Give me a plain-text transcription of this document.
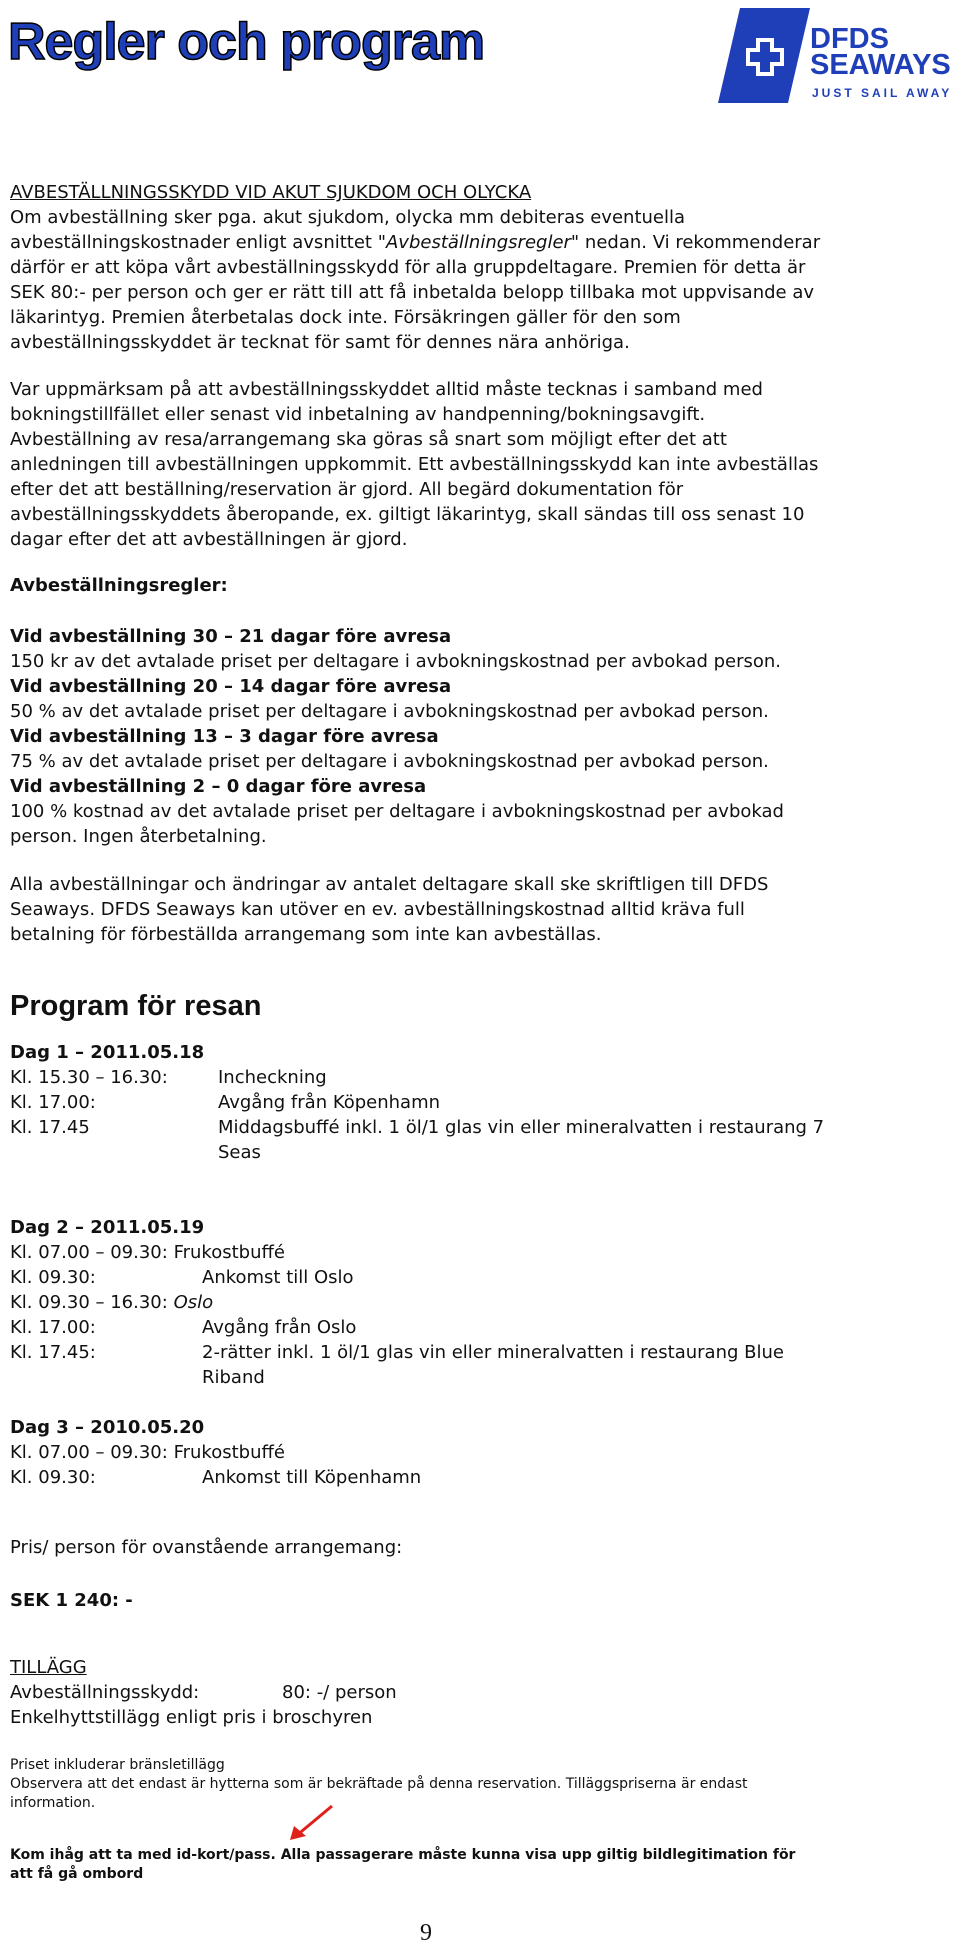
Regler och program	DFDS
SEAWAYS
JUST SAIL AWAY
AVBESTÄLLNINGSSKYDD VID AKUT SJUKDOM OCH OLYCKA
Om avbeställning sker pga. akut sjukdom, olycka mm debiteras eventuella
avbeställningskostnader enligt avsnittet "Avbeställningsregler" nedan. Vi rekommenderar
därför er att köpa vårt avbeställningsskydd för alla gruppdeltagare. Premien för detta är
SEK 80:- per person och ger er rätt till att få inbetalda belopp tillbaka mot uppvisande av
läkarintyg. Premien återbetalas dock inte. Försäkringen gäller för den som
avbeställningsskyddet är tecknat för samt för dennes nära anhöriga.
Var uppmärksam på att avbeställningsskyddet alltid måste tecknas i samband med
bokningstillfället eller senast vid inbetalning av handpenning/bokningsavgift.
Avbeställning av resa/arrangemang ska göras så snart som möjligt efter det att
anledningen till avbeställningen uppkommit. Ett avbeställningsskydd kan inte avbeställas
efter det att beställning/reservation är gjord. All begärd dokumentation för
avbeställningsskyddets åberopande, ex. giltigt läkarintyg, skall sändas till oss senast 10
dagar efter det att avbeställningen är gjord.
Avbeställningsregler:
Vid avbeställning 30 – 21 dagar före avresa
150 kr av det avtalade priset per deltagare i avbokningskostnad per avbokad person.
Vid avbeställning 20 – 14 dagar före avresa
50 % av det avtalade priset per deltagare i avbokningskostnad per avbokad person.
Vid avbeställning 13 – 3 dagar före avresa
75 % av det avtalade priset per deltagare i avbokningskostnad per avbokad person.
Vid avbeställning 2 – 0 dagar före avresa
100 % kostnad av det avtalade priset per deltagare i avbokningskostnad per avbokad
person. Ingen återbetalning.
Alla avbeställningar och ändringar av antalet deltagare skall ske skriftligen till DFDS
Seaways. DFDS Seaways kan utöver en ev. avbeställningskostnad alltid kräva full
betalning för förbeställda arrangemang som inte kan avbeställas.
Program för resan
Dag 1 – 2011.05.18
Kl. 15.30 – 16.30:	Incheckning
Kl. 17.00:	Avgång från Köpenhamn
Kl. 17.45	Middagsbuffé inkl. 1 öl/1 glas vin eller mineralvatten i restaurang 7
Seas
Dag 2 – 2011.05.19
Kl. 07.00 – 09.30: Frukostbuffé
Kl. 09.30:	Ankomst till Oslo
Kl. 09.30 – 16.30: Oslo
Kl. 17.00:	Avgång från Oslo
Kl. 17.45:	2-rätter inkl. 1 öl/1 glas vin eller mineralvatten i restaurang Blue
Riband
Dag 3 – 2010.05.20
Kl. 07.00 – 09.30: Frukostbuffé
Kl. 09.30:	Ankomst till Köpenhamn
Pris/ person för ovanstående arrangemang:
SEK 1 240: -
TILLÄGG
Avbeställningsskydd:	80: -/ person
Enkelhyttstillägg enligt pris i broschyren
Priset inkluderar bränsletillägg
Observera att det endast är hytterna som är bekräftade på denna reservation. Tilläggspriserna är endast
information.
Kom ihåg att ta med id-kort/pass. Alla passagerare måste kunna visa upp giltig bildlegitimation för
att få gå ombord
9
